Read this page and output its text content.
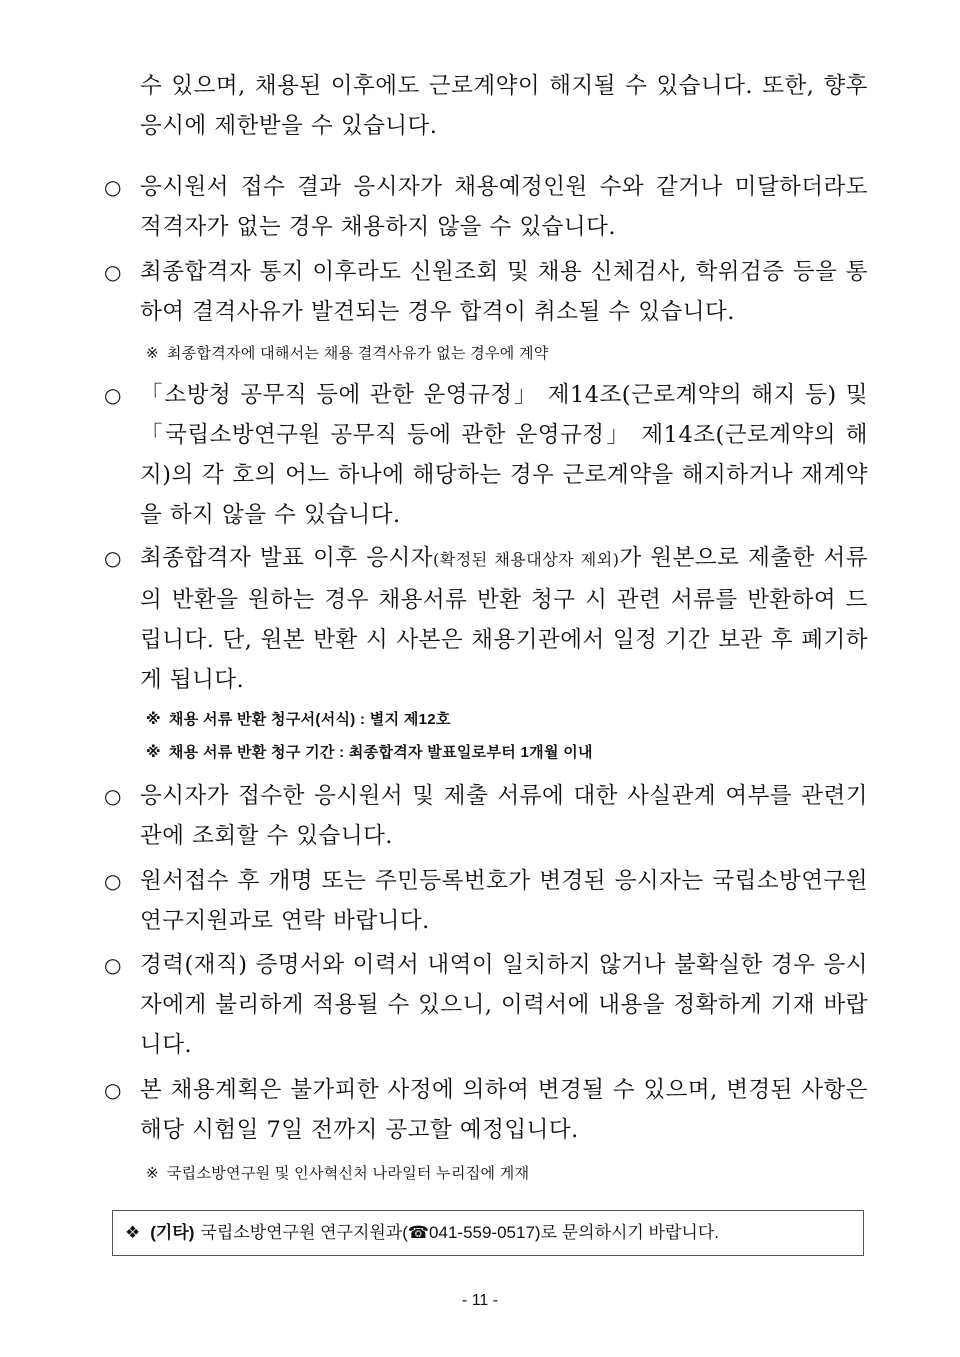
수 있으며, 채용된 이후에도 근로계약이 해지될 수 있습니다. 또한, 향후 응시에 제한받을 수 있습니다.
○ 응시원서 접수 결과 응시자가 채용예정인원 수와 같거나 미달하더라도 적격자가 없는 경우 채용하지 않을 수 있습니다.
○ 최종합격자 통지 이후라도 신원조회 및 채용 신체검사, 학위검증 등을 통하여 결격사유가 발견되는 경우 합격이 취소될 수 있습니다.
※ 최종합격자에 대해서는 채용 결격사유가 없는 경우에 계약
○ 「소방청 공무직 등에 관한 운영규정」 제14조(근로계약의 해지 등) 및 「국립소방연구원 공무직 등에 관한 운영규정」 제14조(근로계약의 해지)의 각 호의 어느 하나에 해당하는 경우 근로계약을 해지하거나 재계약을 하지 않을 수 있습니다.
○ 최종합격자 발표 이후 응시자(확정된 채용대상자 제외)가 원본으로 제출한 서류의 반환을 원하는 경우 채용서류 반환 청구 시 관련 서류를 반환하여 드립니다. 단, 원본 반환 시 사본은 채용기관에서 일정 기간 보관 후 폐기하게 됩니다.
※ 채용 서류 반환 청구서(서식) : 별지 제12호
※ 채용 서류 반환 청구 기간 : 최종합격자 발표일로부터 1개월 이내
○ 응시자가 접수한 응시원서 및 제출 서류에 대한 사실관계 여부를 관련기관에 조회할 수 있습니다.
○ 원서접수 후 개명 또는 주민등록번호가 변경된 응시자는 국립소방연구원 연구지원과로 연락 바랍니다.
○ 경력(재직) 증명서와 이력서 내역이 일치하지 않거나 불확실한 경우 응시자에게 불리하게 적용될 수 있으니, 이력서에 내용을 정확하게 기재 바랍니다.
○ 본 채용계획은 불가피한 사정에 의하여 변경될 수 있으며, 변경된 사항은 해당 시험일 7일 전까지 공고할 예정입니다.
※ 국립소방연구원 및 인사혁신처 나라일터 누리집에 게재
❖ (기타) 국립소방연구원 연구지원과(☎041-559-0517)로 문의하시기 바랍니다.
- 11 -
